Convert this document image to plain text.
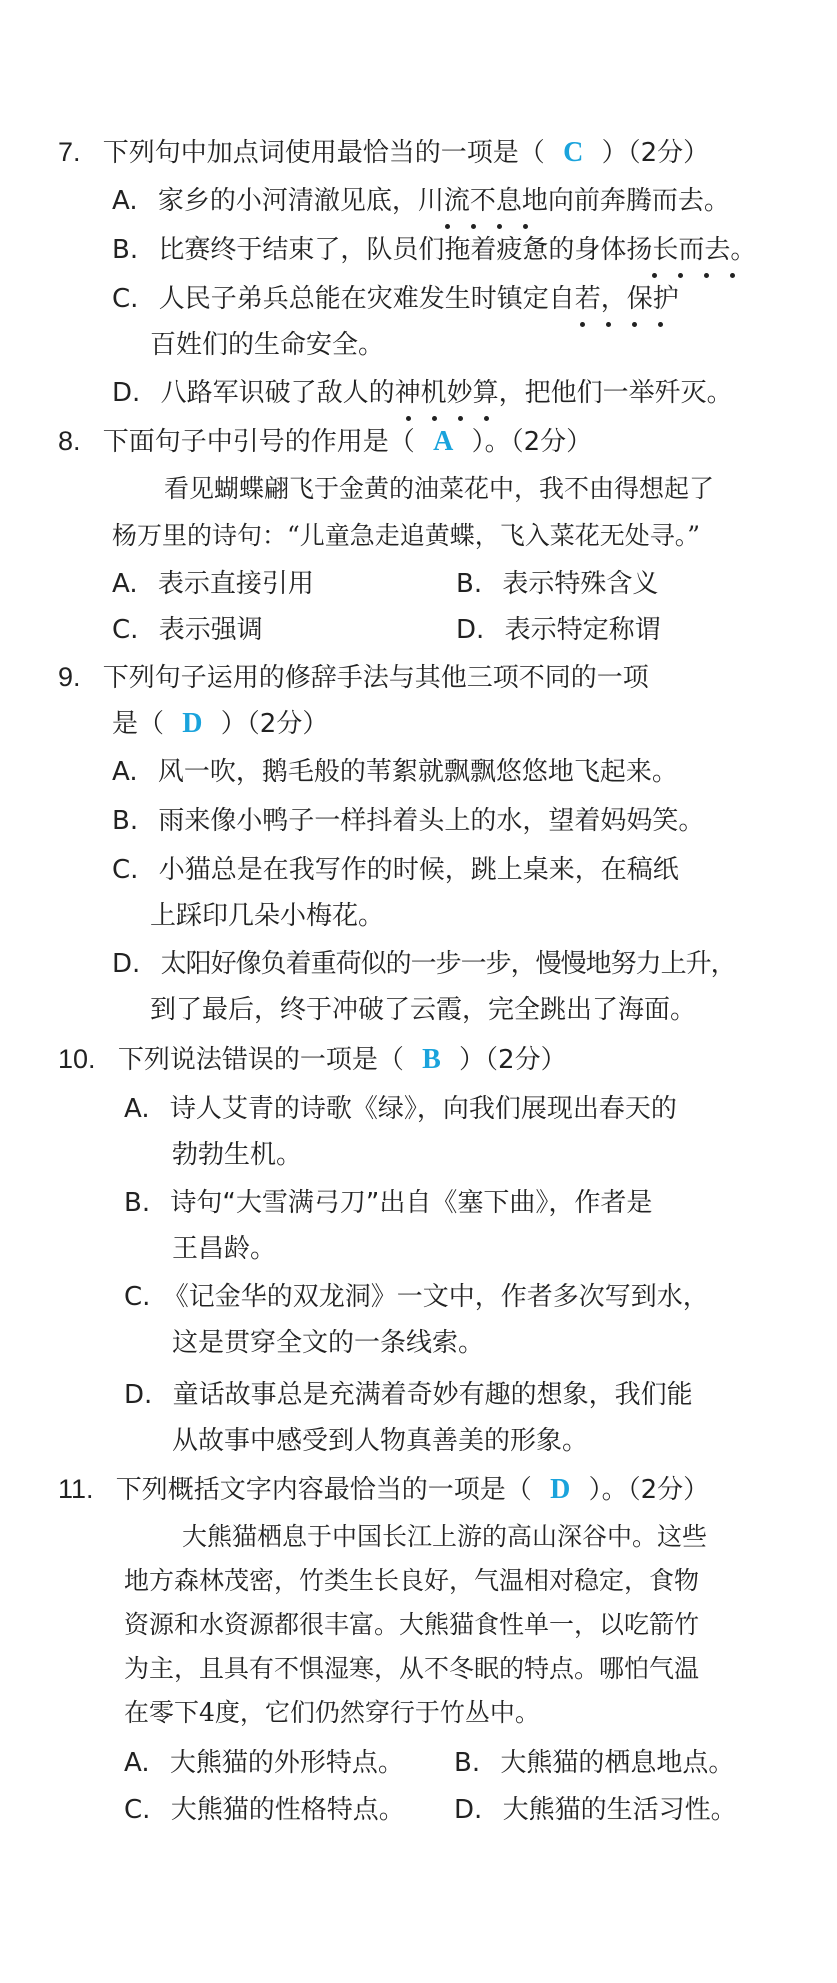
7. 下列句中加点词使用最恰当的一项是（ C ）（2分）
A. 家乡的小河清澈见底，川流不息地向前奔腾而去。
B. 比赛终于结束了，队员们拖着疲惫的身体扬长而去。
C. 人民子弟兵总能在灾难发生时镇定自若，保护
百姓们的生命安全。
D. 八路军识破了敌人的神机妙算，把他们一举歼灭。
8. 下面句子中引号的作用是（ A ）。（2分）
看见蝴蝶翩飞于金黄的油菜花中，我不由得想起了
杨万里的诗句：“儿童急走追黄蝶，飞入菜花无处寻。”
A. 表示直接引用	B. 表示特殊含义
C. 表示强调	D. 表示特定称谓
9. 下列句子运用的修辞手法与其他三项不同的一项
是（ D ）（2分）
A. 风一吹，鹅毛般的苇絮就飘飘悠悠地飞起来。
B. 雨来像小鸭子一样抖着头上的水，望着妈妈笑。
C. 小猫总是在我写作的时候，跳上桌来，在稿纸
上踩印几朵小梅花。
D. 太阳好像负着重荷似的一步一步，慢慢地努力上升，
到了最后，终于冲破了云霞，完全跳出了海面。
10. 下列说法错误的一项是（ B ）（2分）
A. 诗人艾青的诗歌《绿》，向我们展现出春天的
勃勃生机。
B. 诗句“大雪满弓刀”出自《塞下曲》，作者是
王昌龄。
C. 《记金华的双龙洞》一文中，作者多次写到水，
这是贯穿全文的一条线索。
D. 童话故事总是充满着奇妙有趣的想象，我们能
从故事中感受到人物真善美的形象。
11. 下列概括文字内容最恰当的一项是（ D ）。（2分）
大熊猫栖息于中国长江上游的高山深谷中。这些
地方森林茂密，竹类生长良好，气温相对稳定，食物
资源和水资源都很丰富。大熊猫食性单一，以吃箭竹
为主，且具有不惧湿寒，从不冬眠的特点。哪怕气温
在零下4度，它们仍然穿行于竹丛中。
A. 大熊猫的外形特点。 B. 大熊猫的栖息地点。
C. 大熊猫的性格特点。 D. 大熊猫的生活习性。
